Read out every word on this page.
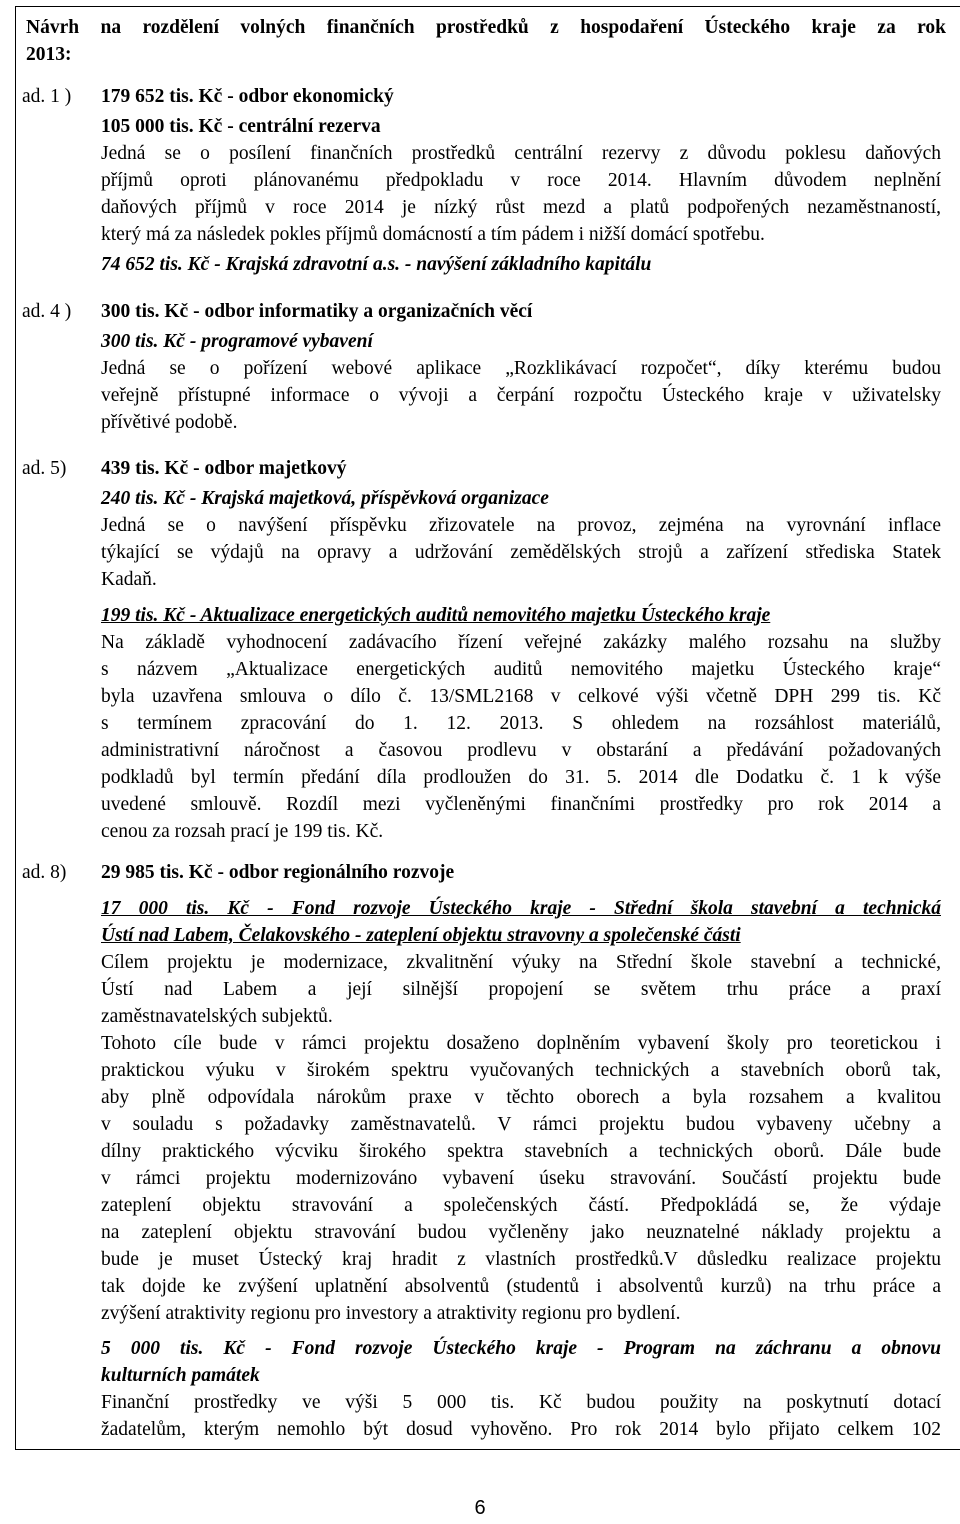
Návrh na rozdělení volných finančních prostředků z hospodaření Ústeckého kraje za rok
2013:
ad. 1 ) 179 652 tis. Kč - odbor ekonomický
105 000 tis. Kč - centrální rezerva
Jedná se o posílení finančních prostředků centrální rezervy z důvodu poklesu daňových
příjmů oproti plánovanému předpokladu v roce 2014. Hlavním důvodem neplnění
daňových příjmů v roce 2014 je nízký růst mezd a platů podpořených nezaměstnaností,
který má za následek pokles příjmů domácností a tím pádem i nižší domácí spotřebu.
74 652 tis. Kč - Krajská zdravotní a.s. - navýšení základního kapitálu
ad. 4 ) 300 tis. Kč - odbor informatiky a organizačních věcí
300 tis. Kč - programové vybavení
Jedná se o pořízení webové aplikace „Rozklikávací rozpočet“, díky kterému budou
veřejně přístupné informace o vývoji a čerpání rozpočtu Ústeckého kraje v uživatelsky
přívětivé podobě.
ad. 5) 439 tis. Kč - odbor majetkový
240 tis. Kč - Krajská majetková, příspěvková organizace
Jedná se o navýšení příspěvku zřizovatele na provoz, zejména na vyrovnání inflace
týkající se výdajů na opravy a udržování zemědělských strojů a zařízení střediska Statek
Kadaň.
199 tis. Kč - Aktualizace energetických auditů nemovitého majetku Ústeckého kraje
Na základě vyhodnocení zadávacího řízení veřejné zakázky malého rozsahu na služby
s názvem „Aktualizace energetických auditů nemovitého majetku Ústeckého kraje“
byla uzavřena smlouva o dílo č. 13/SML2168 v celkové výši včetně DPH 299 tis. Kč
s termínem zpracování do 1. 12. 2013. S ohledem na rozsáhlost materiálů,
administrativní náročnost a časovou prodlevu v obstarání a předávání požadovaných
podkladů byl termín předání díla prodloužen do 31. 5. 2014 dle Dodatku č. 1 k výše
uvedené smlouvě. Rozdíl mezi vyčleněnými finančními prostředky pro rok 2014 a
cenou za rozsah prací je 199 tis. Kč.
ad. 8) 29 985 tis. Kč - odbor regionálního rozvoje
17 000 tis. Kč - Fond rozvoje Ústeckého kraje - Střední škola stavební a technická
Ústí nad Labem, Čelakovského - zateplení objektu stravovny a společenské části
Cílem projektu je modernizace, zkvalitnění výuky na Střední škole stavební a technické,
Ústí nad Labem a její silnější propojení se světem trhu práce a praxí
zaměstnavatelských subjektů.
Tohoto cíle bude v rámci projektu dosaženo doplněním vybavení školy pro teoretickou i
praktickou výuku v širokém spektru vyučovaných technických a stavebních oborů tak,
aby plně odpovídala nárokům praxe v těchto oborech a byla rozsahem a kvalitou
v souladu s požadavky zaměstnavatelů. V rámci projektu budou vybaveny učebny a
dílny praktického výcviku širokého spektra stavebních a technických oborů. Dále bude
v rámci projektu modernizováno vybavení úseku stravování. Součástí projektu bude
zateplení objektu stravování a společenských částí. Předpokládá se, že výdaje
na zateplení objektu stravování budou vyčleněny jako neuznatelné náklady projektu a
bude je muset Ústecký kraj hradit z vlastních prostředků.V důsledku realizace projektu
tak dojde ke zvýšení uplatnění absolventů (studentů i absolventů kurzů) na trhu práce a
zvýšení atraktivity regionu pro investory a atraktivity regionu pro bydlení.
5 000 tis. Kč - Fond rozvoje Ústeckého kraje - Program na záchranu a obnovu
kulturních památek
Finanční prostředky ve výši 5 000 tis. Kč budou použity na poskytnutí dotací
žadatelům, kterým nemohlo být dosud vyhověno. Pro rok 2014 bylo přijato celkem 102
6
